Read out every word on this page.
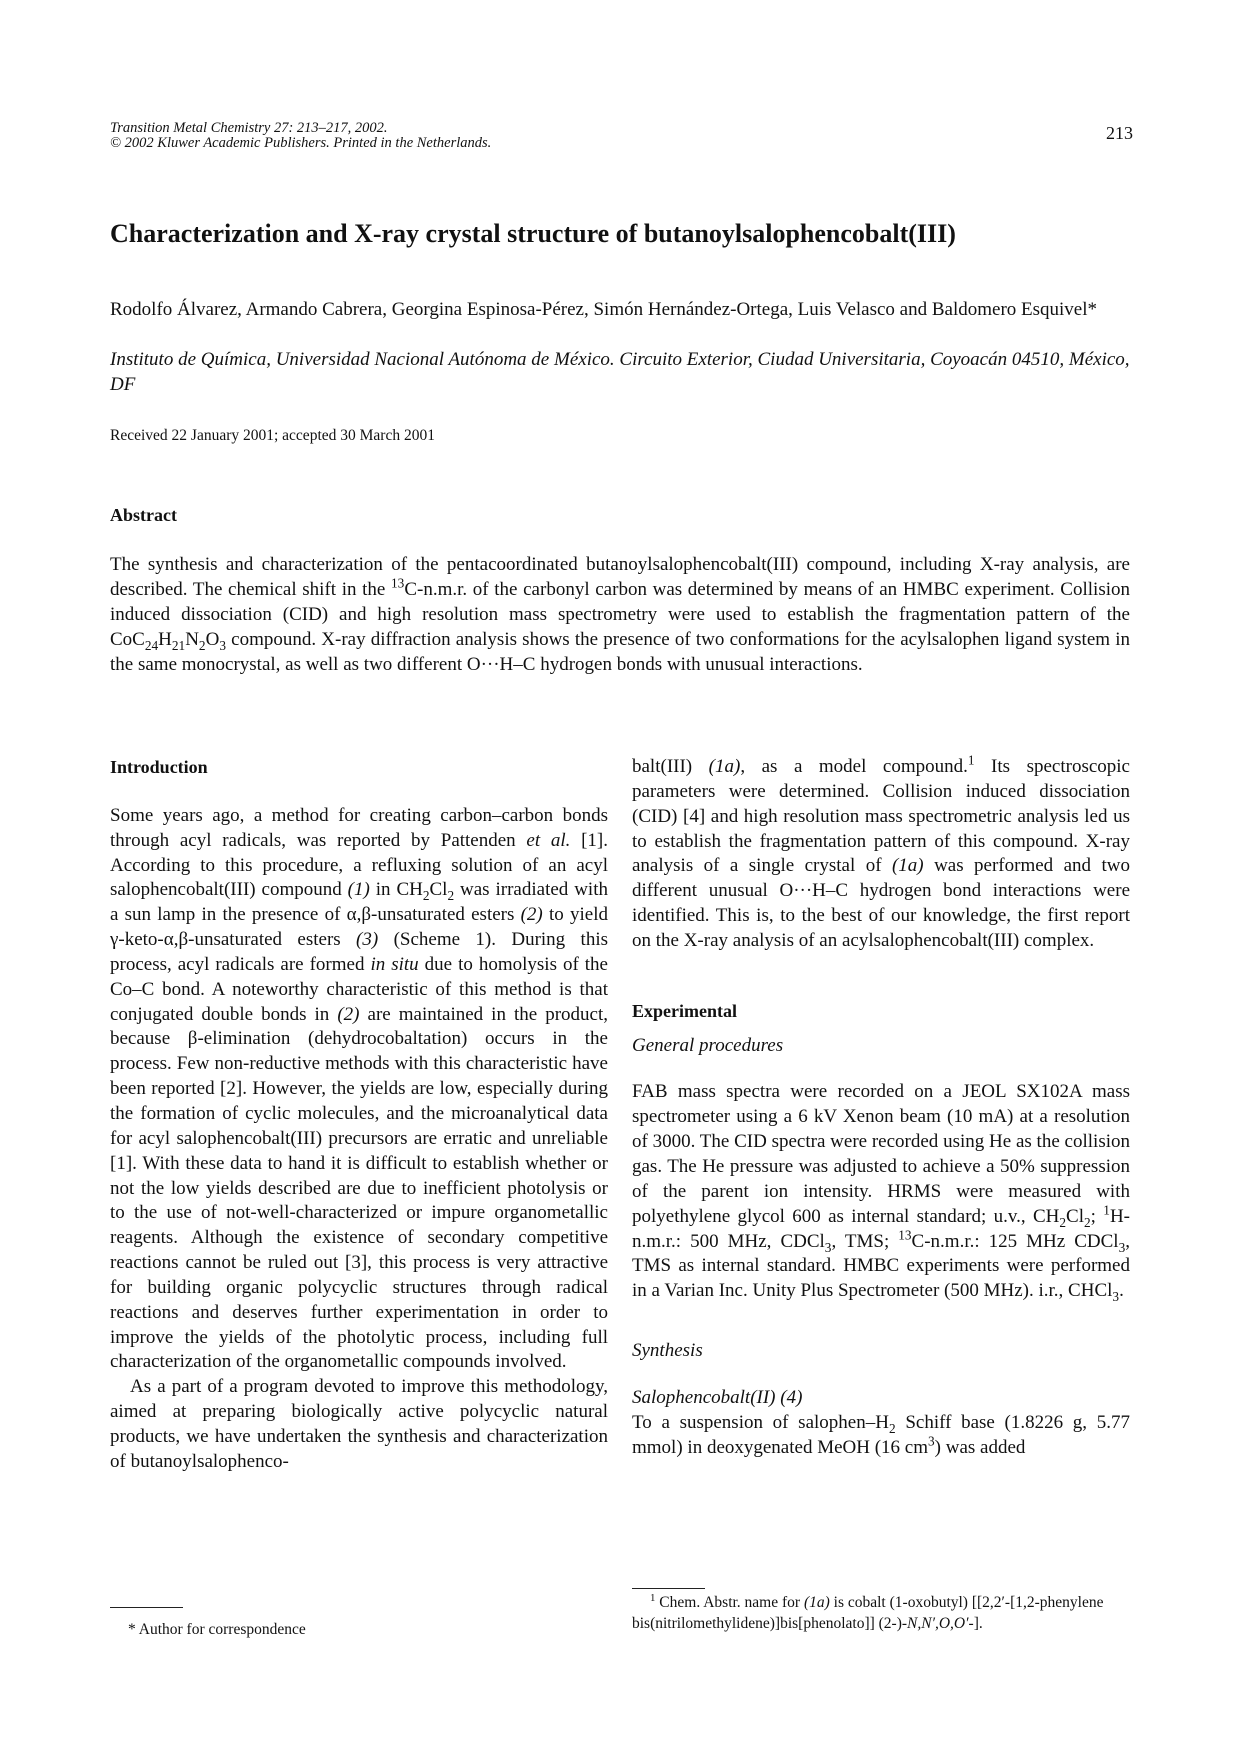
Transition Metal Chemistry 27: 213–217, 2002.
© 2002 Kluwer Academic Publishers. Printed in the Netherlands.	213
Characterization and X-ray crystal structure of butanoylsalophencobalt(III)
Rodolfo Álvarez, Armando Cabrera, Georgina Espinosa-Pérez, Simón Hernández-Ortega, Luis Velasco and Baldomero Esquivel*
Instituto de Química, Universidad Nacional Autónoma de México. Circuito Exterior, Ciudad Universitaria, Coyoacán 04510, México, DF
Received 22 January 2001; accepted 30 March 2001
Abstract
The synthesis and characterization of the pentacoordinated butanoylsalophencobalt(III) compound, including X-ray analysis, are described. The chemical shift in the $^{13}$C-n.m.r. of the carbonyl carbon was determined by means of an HMBC experiment. Collision induced dissociation (CID) and high resolution mass spectrometry were used to establish the fragmentation pattern of the $CoC_{24}H_{21}N_2O_3$ compound. X-ray diffraction analysis shows the presence of two conformations for the acylsalophen ligand system in the same monocrystal, as well as two different O···H–C hydrogen bonds with unusual interactions.

Introduction

Some years ago, a method for creating carbon–carbon bonds through acyl radicals, was reported by Pattenden et al. [1]. According to this procedure, a refluxing solution of an acyl salophencobalt(III) compound (1) in $CH_2Cl_2$ was irradiated with a sun lamp in the presence of α,β-unsaturated esters (2) to yield γ-keto-α,β-unsaturated esters (3) (Scheme 1). During this process, acyl radicals are formed in situ due to homolysis of the Co–C bond. A noteworthy characteristic of this method is that conjugated double bonds in (2) are maintained in the product, because β-elimination (dehydrocobaltation) occurs in the process. Few non-reductive methods with this characteristic have been reported [2]. However, the yields are low, especially during the formation of cyclic molecules, and the microanalytical data for acyl salophencobalt(III) precursors are erratic and unreliable [1]. With these data to hand it is difficult to establish whether or not the low yields described are due to inefficient photolysis or to the use of not-well-characterized or impure organometallic reagents. Although the existence of secondary competitive reactions cannot be ruled out [3], this process is very attractive for building organic polycyclic structures through radical reactions and deserves further experimentation in order to improve the yields of the photolytic process, including full characterization of the organometallic compounds involved.

As a part of a program devoted to improve this methodology, aimed at preparing biologically active polycyclic natural products, we have undertaken the synthesis and characterization of butanoylsalophenco-

* Author for correspondence

balt(III) (1a), as a model compound.$^1$ Its spectroscopic parameters were determined. Collision induced dissociation (CID) [4] and high resolution mass spectrometric analysis led us to establish the fragmentation pattern of this compound. X-ray analysis of a single crystal of (1a) was performed and two different unusual O···H–C hydrogen bond interactions were identified. This is, to the best of our knowledge, the first report on the X-ray analysis of an acylsalophencobalt(III) complex.

Experimental

General procedures

FAB mass spectra were recorded on a JEOL SX102A mass spectrometer using a 6 kV Xenon beam (10 mA) at a resolution of 3000. The CID spectra were recorded using He as the collision gas. The He pressure was adjusted to achieve a 50% suppression of the parent ion intensity. HRMS were measured with polyethylene glycol 600 as internal standard; u.v., $CH_2Cl_2$; $^1$H-n.m.r.: 500 MHz, CDCl$_3$, TMS; $^{13}$C-n.m.r.: 125 MHz CDCl$_3$, TMS as internal standard. HMBC experiments were performed in a Varian Inc. Unity Plus Spectrometer (500 MHz). i.r., CHCl$_3$.

Synthesis

Salophencobalt(II) (4)

To a suspension of salophen–$H_2$ Schiff base (1.8226 g, 5.77 mmol) in deoxygenated MeOH (16 $cm^3$) was added

$^1$ Chem. Abstr. name for (1a) is cobalt (1-oxobutyl) [[2,2′-[1,2-phenylene bis(nitrilomethylidene)]bis[phenolato]] (2-)-N,N′,O,O′-].
